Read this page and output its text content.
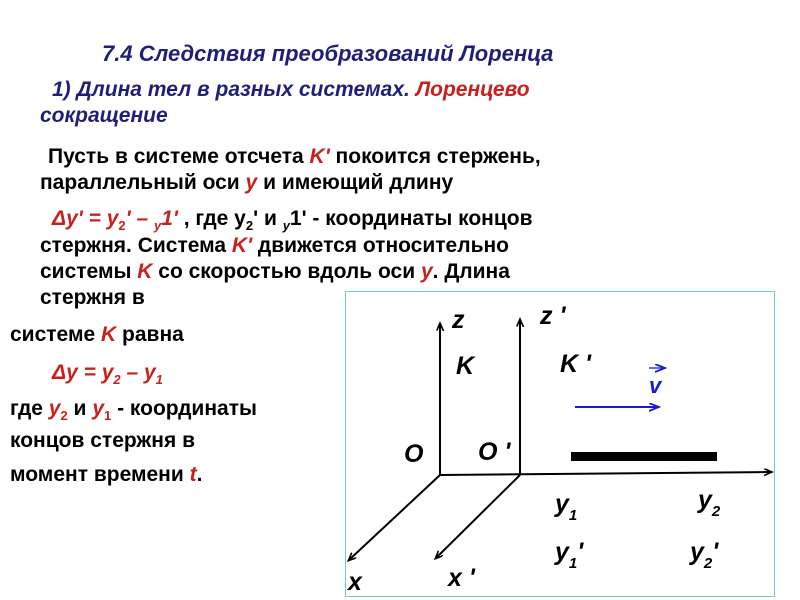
7.4 Следствия преобразований Лоренца
1) Длина тел в разных системах. Лоренцево
сокращение
Пусть в системе отсчета K' покоится стержень,
параллельный оси y и имеющий длину
$\Delta y' = y_2' - _y1'$ , где $y_2'$ и $_y$1' - координаты концов
стержня. Система K' движется относительно
системы K со скоростью вдоль оси y. Длина
стержня в
системе K равна
$\Delta y = y_2 - y_1$
где $y_2$ и $y_1$ - координаты
концов стержня в
момент времени t.
z	z '
K	K '
v
O O '
$y_1$
$y_2$
$y_1'$	$y_2'$
x	x '
